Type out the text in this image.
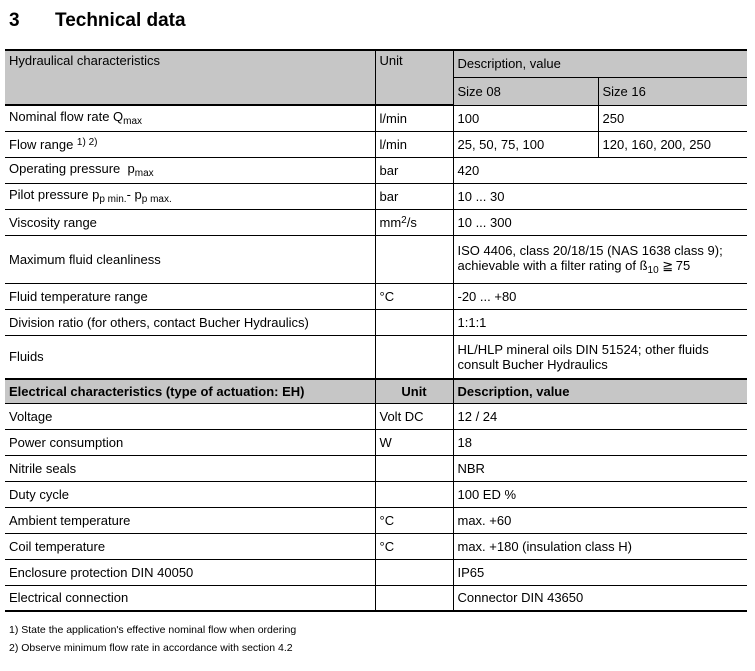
3	Technical data
Hydraulical characteristics	Unit	Description, value	
		Size 08	Size 16
Nominal flow rate $Q_{max}$	l/min	100	250
Flow range $^{1) 2)}$	l/min	25, 50, 75, 100	120, 160, 200, 250
Operating pressure  $p_{max}$	bar	420	
Pilot pressure $p_{p min.}-$ $p_{p max.}$	bar	10 ... 30	
Viscosity range	$mm^2/s$	10 ... 300	
Maximum fluid cleanliness		ISO 4406, class 20/18/15 (NAS 1638 class 9);
achievable with a filter rating of $ß_{10}$ ≧ 75	
Fluid temperature range	°C	-20 ... +80	
Division ratio (for others, contact Bucher Hydraulics)		1:1:1	
Fluids		HL/HLP mineral oils DIN 51524; other fluids
consult Bucher Hydraulics	
Electrical characteristics (type of actuation: EH)	Unit	Description, value	
Voltage	Volt DC	12 / 24	
Power consumption	W	18	
Nitrile seals		NBR	
Duty cycle		100 ED %	
Ambient temperature	°C	max. +60	
Coil temperature	°C	max. +180 (insulation class H)	
Enclosure protection DIN 40050		IP65	
Electrical connection		Connector DIN 43650	
1) State the application's effective nominal flow when ordering
2) Observe minimum flow rate in accordance with section 4.2
